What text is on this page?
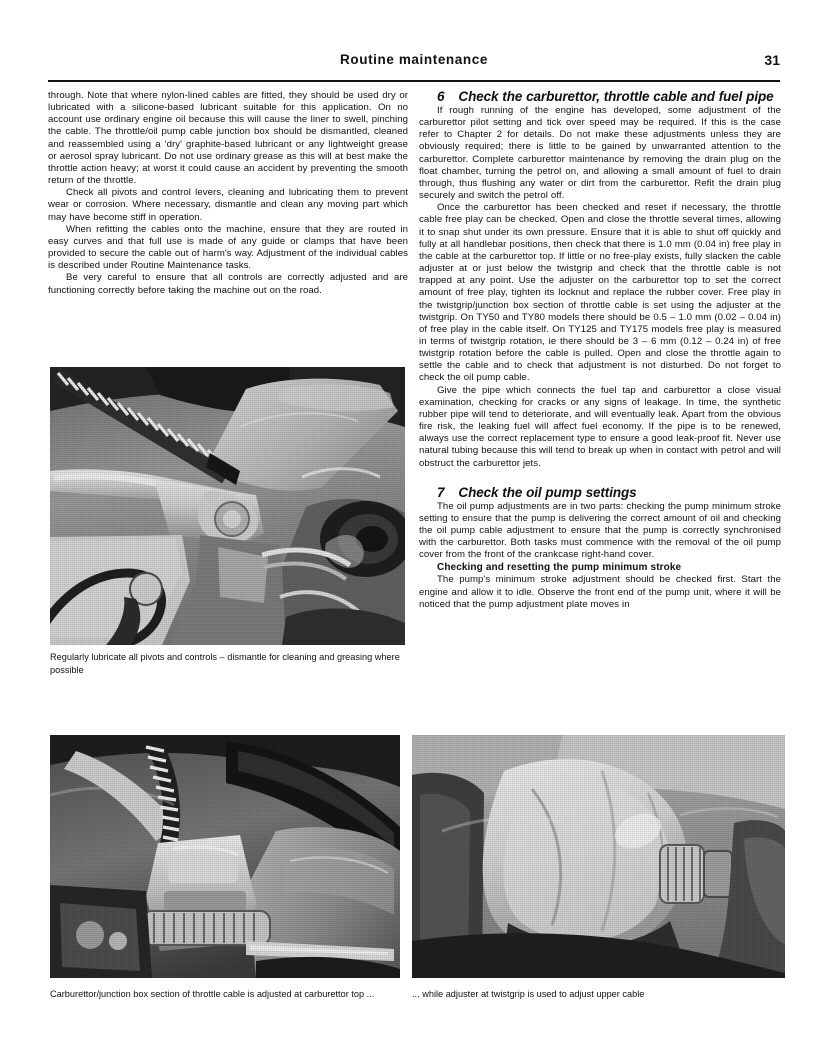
Routine maintenance	31

through. Note that where nylon-lined cables are fitted, they should be used dry or lubricated with a silicone-based lubricant suitable for this application. On no account use ordinary engine oil because this will cause the liner to swell, pinching the cable. The throttle/oil pump cable junction box should be dismantled, cleaned and reassembled using a 'dry' graphite-based lubricant or any lightweight grease or aerosol spray lubricant. Do not use ordinary grease as this will at best make the throttle action heavy; at worst it could cause an accident by preventing the smooth return of the throttle.

Check all pivots and control levers, cleaning and lubricating them to prevent wear or corrosion. Where necessary, dismantle and clean any moving part which may have become stiff in operation.

When refitting the cables onto the machine, ensure that they are routed in easy curves and that full use is made of any guide or clamps that have been provided to secure the cable out of harm's way. Adjustment of the individual cables is described under Routine Maintenance tasks.

Be very careful to ensure that all controls are correctly adjusted and are functioning correctly before taking the machine out on the road.

6 Check the carburettor, throttle cable and fuel pipe

If rough running of the engine has developed, some adjustment of the carburettor pilot setting and tick over speed may be required. If this is the case refer to Chapter 2 for details. Do not make these adjustments unless they are obviously required; there is little to be gained by unwarranted attention to the carburettor. Complete carburettor maintenance by removing the drain plug on the float chamber, turning the petrol on, and allowing a small amount of fuel to drain through, thus flushing any water or dirt from the carburettor. Refit the drain plug securely and switch the petrol off.

Once the carburettor has been checked and reset if necessary, the throttle cable free play can be checked. Open and close the throttle several times, allowing it to snap shut under its own pressure. Ensure that it is able to shut off quickly and fully at all handlebar positions, then check that there is 1.0 mm (0.04 in) free play in the cable at the carburettor top. If little or no free-play exists, fully slacken the cable adjuster at or just below the twistgrip and check that the throttle cable is not trapped at any point. Use the adjuster on the carburettor top to set the correct amount of free play, tighten its locknut and replace the rubber cover. Free play in the twistgrip/junction box section of throttle cable is set using the adjuster at the twistgrip. On TY50 and TY80 models there should be 0.5 – 1.0 mm (0.02 – 0.04 in) of free play in the cable itself. On TY125 and TY175 models free play is measured in terms of twistgrip rotation, ie there should be 3 – 6 mm (0.12 – 0.24 in) of free twistgrip rotation before the cable is pulled. Open and close the throttle again to settle the cable and to check that adjustment is not disturbed. Do not forget to check the oil pump cable.

Give the pipe which connects the fuel tap and carburettor a close visual examination, checking for cracks or any signs of leakage. In time, the synthetic rubber pipe will tend to deteriorate, and will eventually leak. Apart from the obvious fire risk, the leaking fuel will affect fuel economy. If the pipe is to be renewed, always use the correct replacement type to ensure a good leak-proof fit. Never use natural tubing because this will tend to break up when in contact with petrol and will obstruct the carburettor jets.

7 Check the oil pump settings

The oil pump adjustments are in two parts: checking the pump minimum stroke setting to ensure that the pump is delivering the correct amount of oil and checking the oil pump cable adjustment to ensure that the pump is correctly synchronised with the carburettor. Both tasks must commence with the removal of the oil pump cover from the front of the crankcase right-hand cover.

Checking and resetting the pump minimum stroke

The pump's minimum stroke adjustment should be checked first. Start the engine and allow it to idle. Observe the front end of the pump unit, where it will be noticed that the pump adjustment plate moves in

Regularly lubricate all pivots and controls – dismantle for cleaning and greasing where possible
Carburettor/junction box section of throttle cable is adjusted at carburettor top ...	... while adjuster at twistgrip is used to adjust upper cable
